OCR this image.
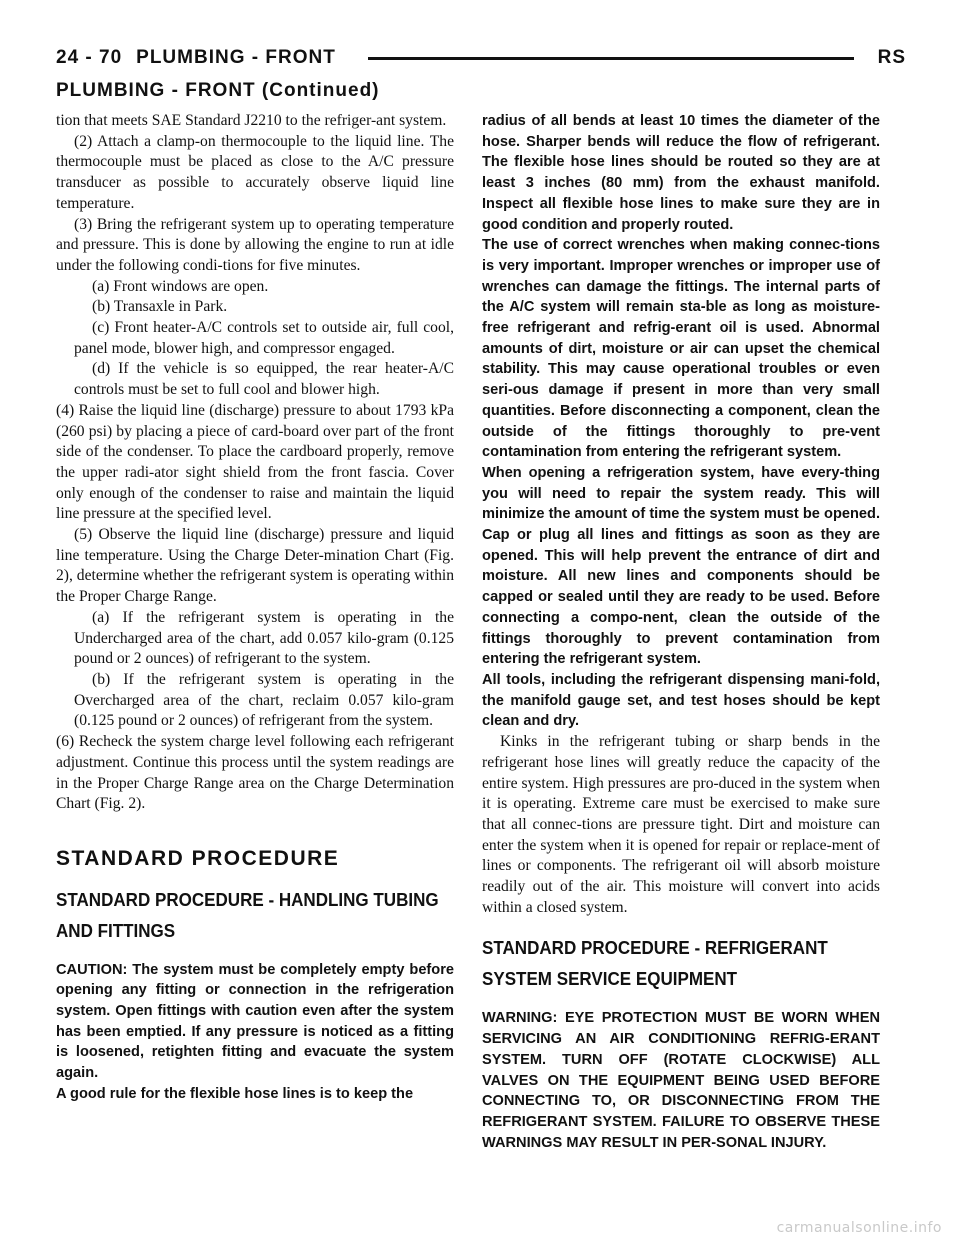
24 - 70 PLUMBING - FRONT	RS
PLUMBING - FRONT (Continued)

tion that meets SAE Standard J2210 to the refriger-ant system.

(2) Attach a clamp-on thermocouple to the liquid line. The thermocouple must be placed as close to the A/C pressure transducer as possible to accurately observe liquid line temperature.

(3) Bring the refrigerant system up to operating temperature and pressure. This is done by allowing the engine to run at idle under the following condi-tions for five minutes.

(a) Front windows are open.

(b) Transaxle in Park.

(c) Front heater-A/C controls set to outside air, full cool, panel mode, blower high, and compressor engaged.

(d) If the vehicle is so equipped, the rear heater-A/C controls must be set to full cool and blower high.

(4) Raise the liquid line (discharge) pressure to about 1793 kPa (260 psi) by placing a piece of card-board over part of the front side of the condenser. To place the cardboard properly, remove the upper radi-ator sight shield from the front fascia. Cover only enough of the condenser to raise and maintain the liquid line pressure at the specified level.

(5) Observe the liquid line (discharge) pressure and liquid line temperature. Using the Charge Deter-mination Chart (Fig. 2), determine whether the refrigerant system is operating within the Proper Charge Range.

(a) If the refrigerant system is operating in the Undercharged area of the chart, add 0.057 kilo-gram (0.125 pound or 2 ounces) of refrigerant to the system.

(b) If the refrigerant system is operating in the Overcharged area of the chart, reclaim 0.057 kilo-gram (0.125 pound or 2 ounces) of refrigerant from the system.

(6) Recheck the system charge level following each refrigerant adjustment. Continue this process until the system readings are in the Proper Charge Range area on the Charge Determination Chart (Fig. 2).

STANDARD PROCEDURE

STANDARD PROCEDURE - HANDLING TUBING AND FITTINGS

CAUTION: The system must be completely empty before opening any fitting or connection in the refrigeration system. Open fittings with caution even after the system has been emptied. If any pressure is noticed as a fitting is loosened, retighten fitting and evacuate the system again.

A good rule for the flexible hose lines is to keep the

radius of all bends at least 10 times the diameter of the hose. Sharper bends will reduce the flow of refrigerant. The flexible hose lines should be routed so they are at least 3 inches (80 mm) from the exhaust manifold. Inspect all flexible hose lines to make sure they are in good condition and properly routed.

The use of correct wrenches when making connec-tions is very important. Improper wrenches or improper use of wrenches can damage the fittings. The internal parts of the A/C system will remain sta-ble as long as moisture-free refrigerant and refrig-erant oil is used. Abnormal amounts of dirt, moisture or air can upset the chemical stability. This may cause operational troubles or even seri-ous damage if present in more than very small quantities. Before disconnecting a component, clean the outside of the fittings thoroughly to pre-vent contamination from entering the refrigerant system.

When opening a refrigeration system, have every-thing you will need to repair the system ready. This will minimize the amount of time the system must be opened. Cap or plug all lines and fittings as soon as they are opened. This will help prevent the entrance of dirt and moisture. All new lines and components should be capped or sealed until they are ready to be used. Before connecting a compo-nent, clean the outside of the fittings thoroughly to prevent contamination from entering the refrigerant system.

All tools, including the refrigerant dispensing mani-fold, the manifold gauge set, and test hoses should be kept clean and dry.

Kinks in the refrigerant tubing or sharp bends in the refrigerant hose lines will greatly reduce the capacity of the entire system. High pressures are pro-duced in the system when it is operating. Extreme care must be exercised to make sure that all connec-tions are pressure tight. Dirt and moisture can enter the system when it is opened for repair or replace-ment of lines or components. The refrigerant oil will absorb moisture readily out of the air. This moisture will convert into acids within a closed system.

STANDARD PROCEDURE - REFRIGERANT SYSTEM SERVICE EQUIPMENT

WARNING: EYE PROTECTION MUST BE WORN WHEN SERVICING AN AIR CONDITIONING REFRIG-ERANT SYSTEM. TURN OFF (ROTATE CLOCKWISE) ALL VALVES ON THE EQUIPMENT BEING USED BEFORE CONNECTING TO, OR DISCONNECTING FROM THE REFRIGERANT SYSTEM. FAILURE TO OBSERVE THESE WARNINGS MAY RESULT IN PER-SONAL INJURY.

carmanualsonline.info
